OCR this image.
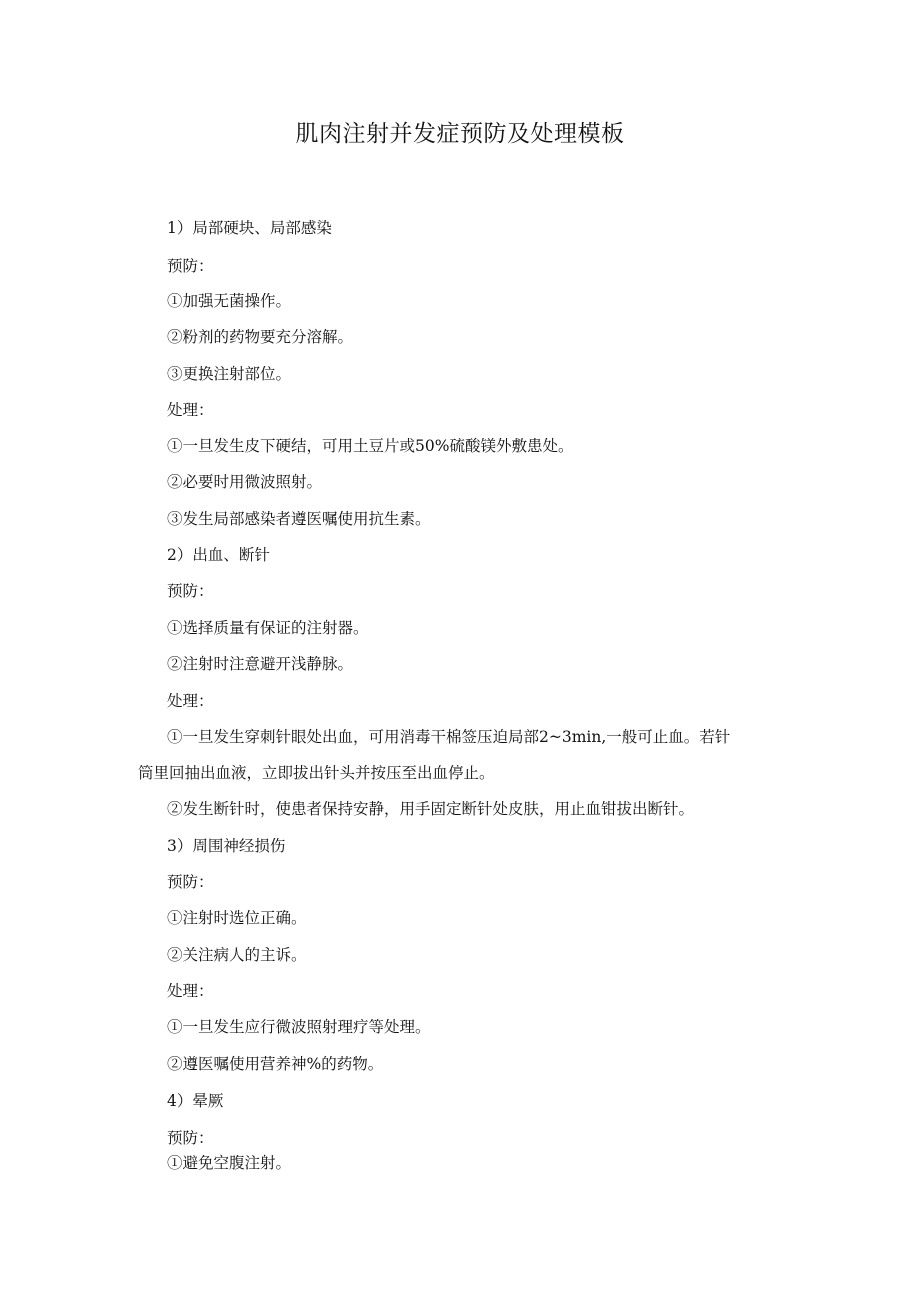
肌肉注射并发症预防及处理模板
1）局部硬块、局部感染
预防：
①加强无菌操作。
②粉剂的药物要充分溶解。
③更换注射部位。
处理：
①一旦发生皮下硬结，可用土豆片或50%硫酸镁外敷患处。
②必要时用微波照射。
③发生局部感染者遵医嘱使用抗生素。
2）出血、断针
预防：
①选择质量有保证的注射器。
②注射时注意避开浅静脉。
处理：
①一旦发生穿刺针眼处出血，可用消毒干棉签压迫局部2~3min,一般可止血。若针
筒里回抽出血液，立即拔出针头并按压至出血停止。
②发生断针时，使患者保持安静，用手固定断针处皮肤，用止血钳拔出断针。
3）周围神经损伤
预防：
①注射时选位正确。
②关注病人的主诉。
处理：
①一旦发生应行微波照射理疗等处理。
②遵医嘱使用营养神%的药物。
4）晕厥
预防：
①避免空腹注射。
